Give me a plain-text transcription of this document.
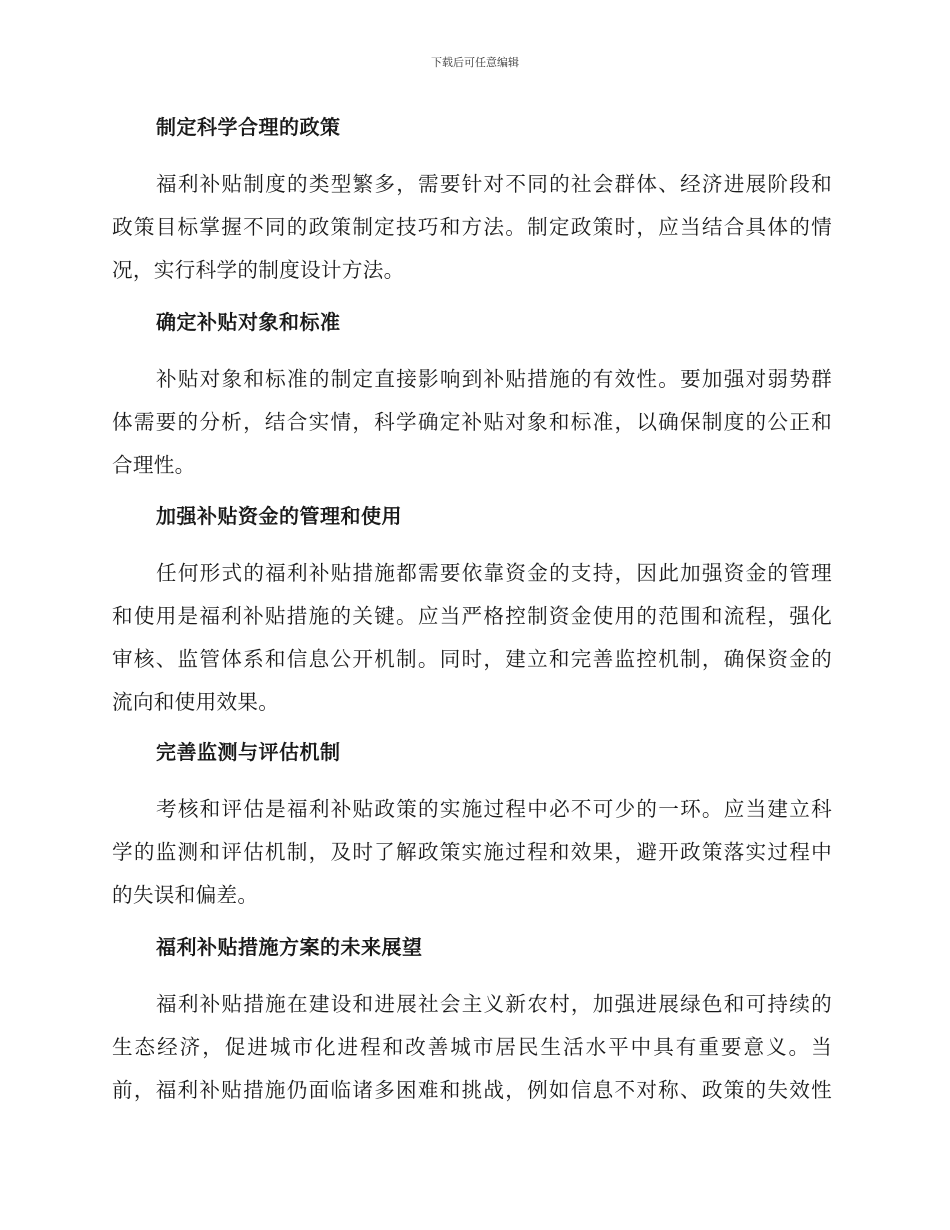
下载后可任意编辑
制定科学合理的政策

福利补贴制度的类型繁多，需要针对不同的社会群体、经济进展阶段和
政策目标掌握不同的政策制定技巧和方法。制定政策时，应当结合具体的情
况，实行科学的制度设计方法。

确定补贴对象和标准

补贴对象和标准的制定直接影响到补贴措施的有效性。要加强对弱势群
体需要的分析，结合实情，科学确定补贴对象和标准，以确保制度的公正和
合理性。

加强补贴资金的管理和使用

任何形式的福利补贴措施都需要依靠资金的支持，因此加强资金的管理
和使用是福利补贴措施的关键。应当严格控制资金使用的范围和流程，强化
审核、监管体系和信息公开机制。同时，建立和完善监控机制，确保资金的
流向和使用效果。

完善监测与评估机制

考核和评估是福利补贴政策的实施过程中必不可少的一环。应当建立科
学的监测和评估机制，及时了解政策实施过程和效果，避开政策落实过程中
的失误和偏差。

福利补贴措施方案的未来展望

福利补贴措施在建设和进展社会主义新农村，加强进展绿色和可持续的
生态经济，促进城市化进程和改善城市居民生活水平中具有重要意义。当
前，福利补贴措施仍面临诸多困难和挑战，例如信息不对称、政策的失效性
